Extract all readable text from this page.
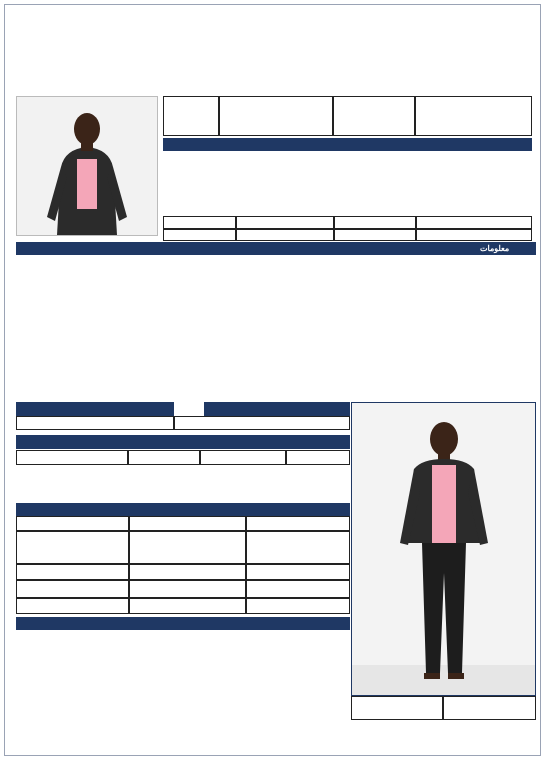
ﻣﻌﻠﻮﻣﺎﺕ
